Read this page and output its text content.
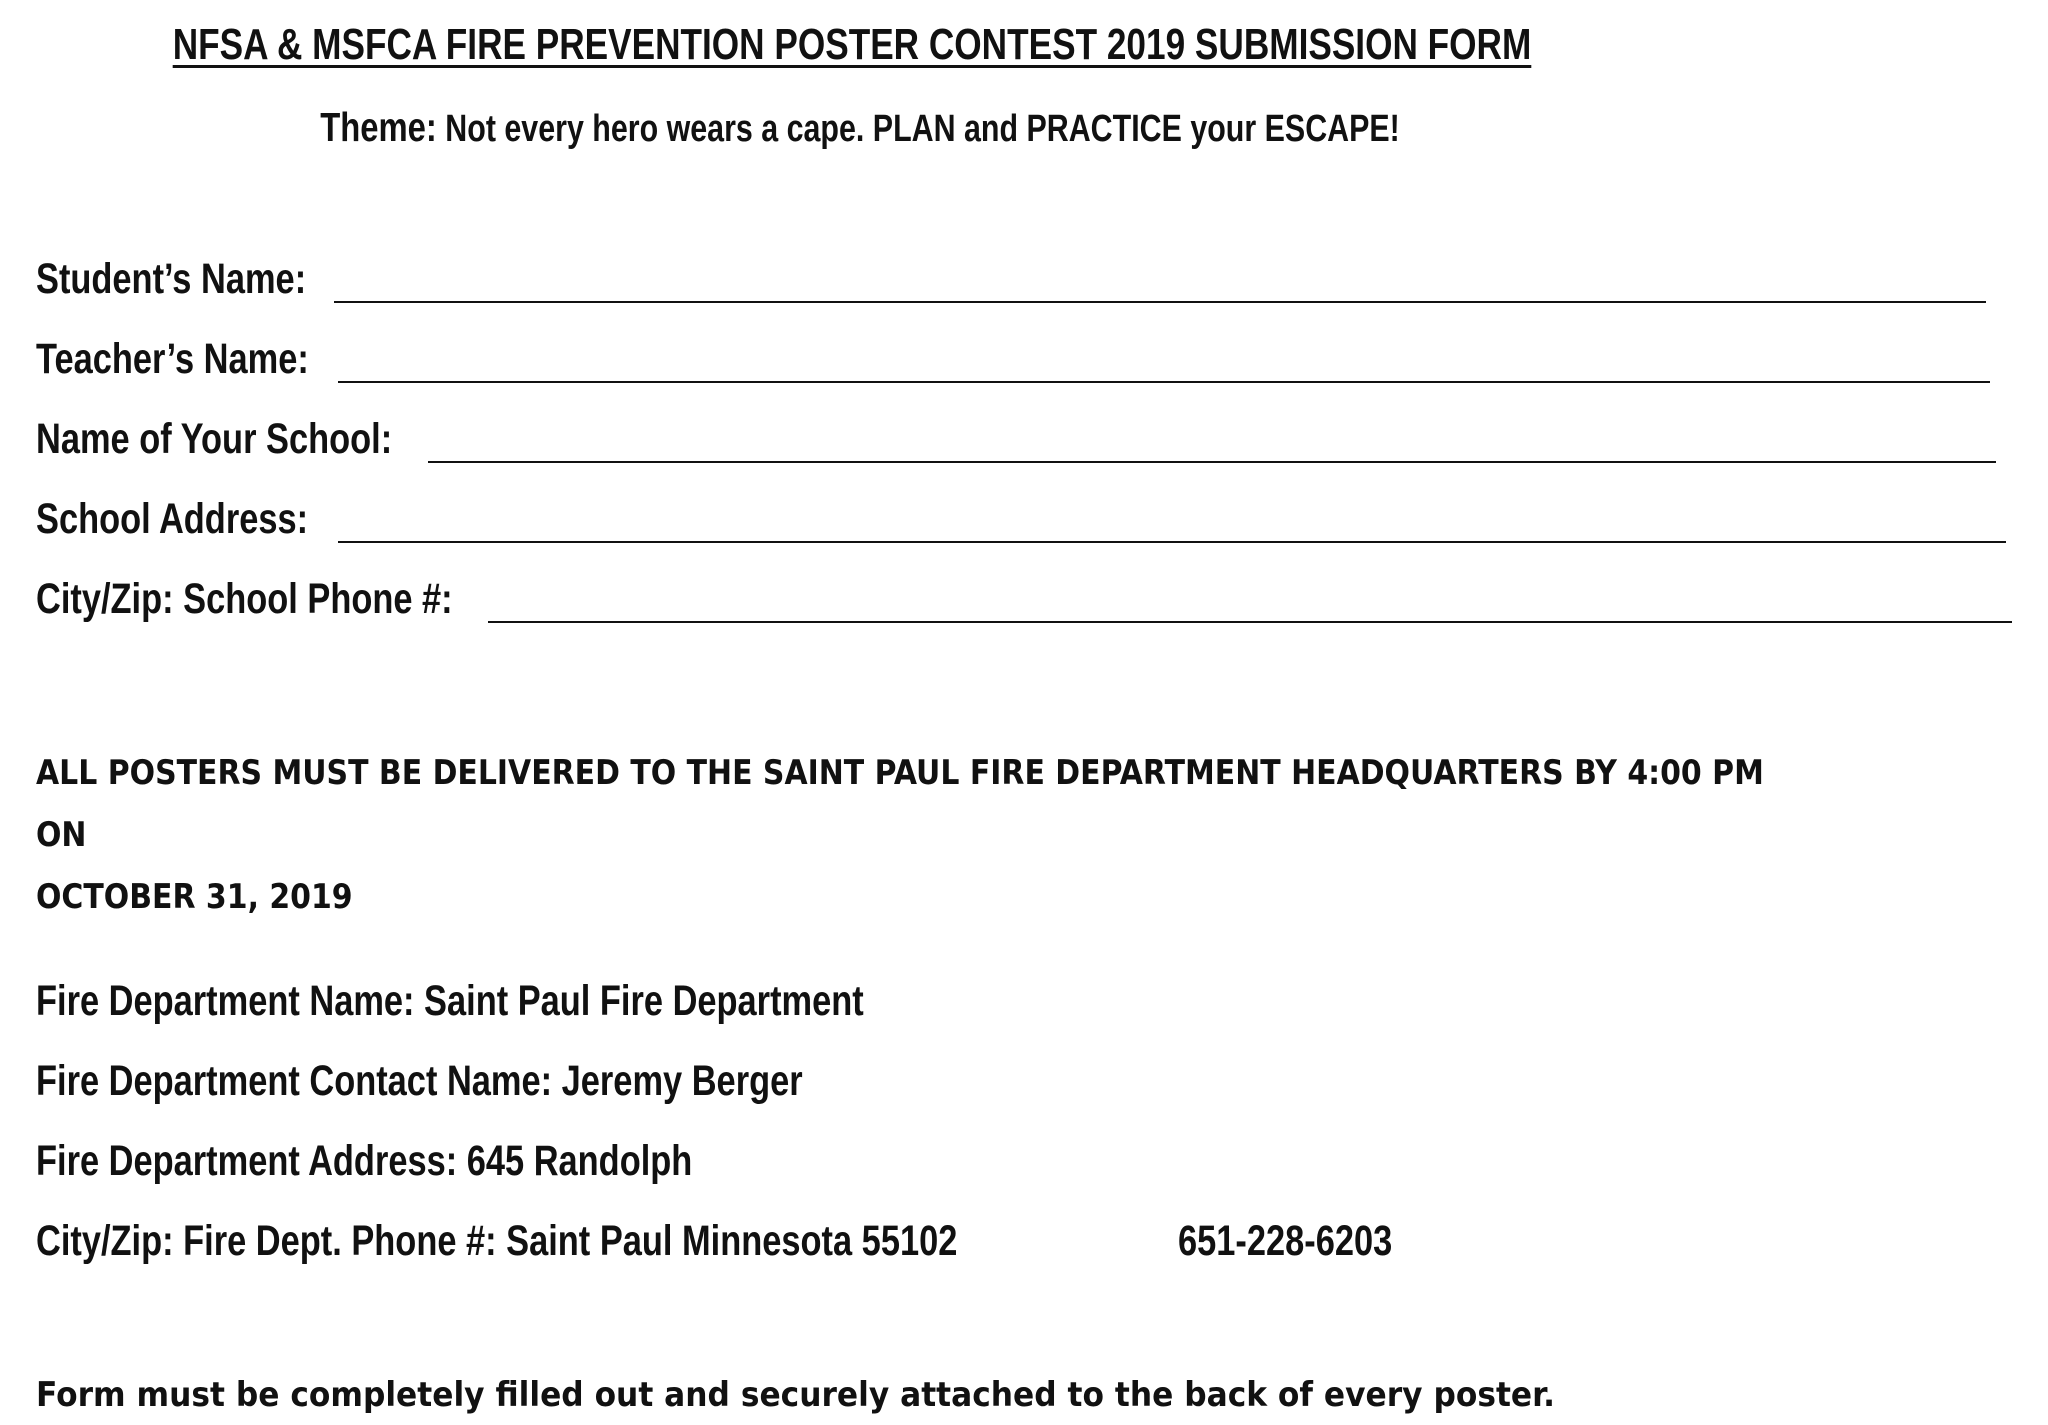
NFSA & MSFCA FIRE PREVENTION POSTER CONTEST 2019 SUBMISSION FORM
Theme: Not every hero wears a cape. PLAN and PRACTICE your ESCAPE!
Student’s Name:
Teacher’s Name:
Name of Your School:
School Address:
City/Zip: School Phone #:
ALL POSTERS MUST BE DELIVERED TO THE SAINT PAUL FIRE DEPARTMENT HEADQUARTERS BY 4:00 PM ON
OCTOBER 31, 2019
Fire Department Name: Saint Paul Fire Department
Fire Department Contact Name: Jeremy Berger
Fire Department Address: 645 Randolph
City/Zip: Fire Dept. Phone #: Saint Paul Minnesota 55102	651-228-6203
Form must be completely filled out and securely attached to the back of every poster.
